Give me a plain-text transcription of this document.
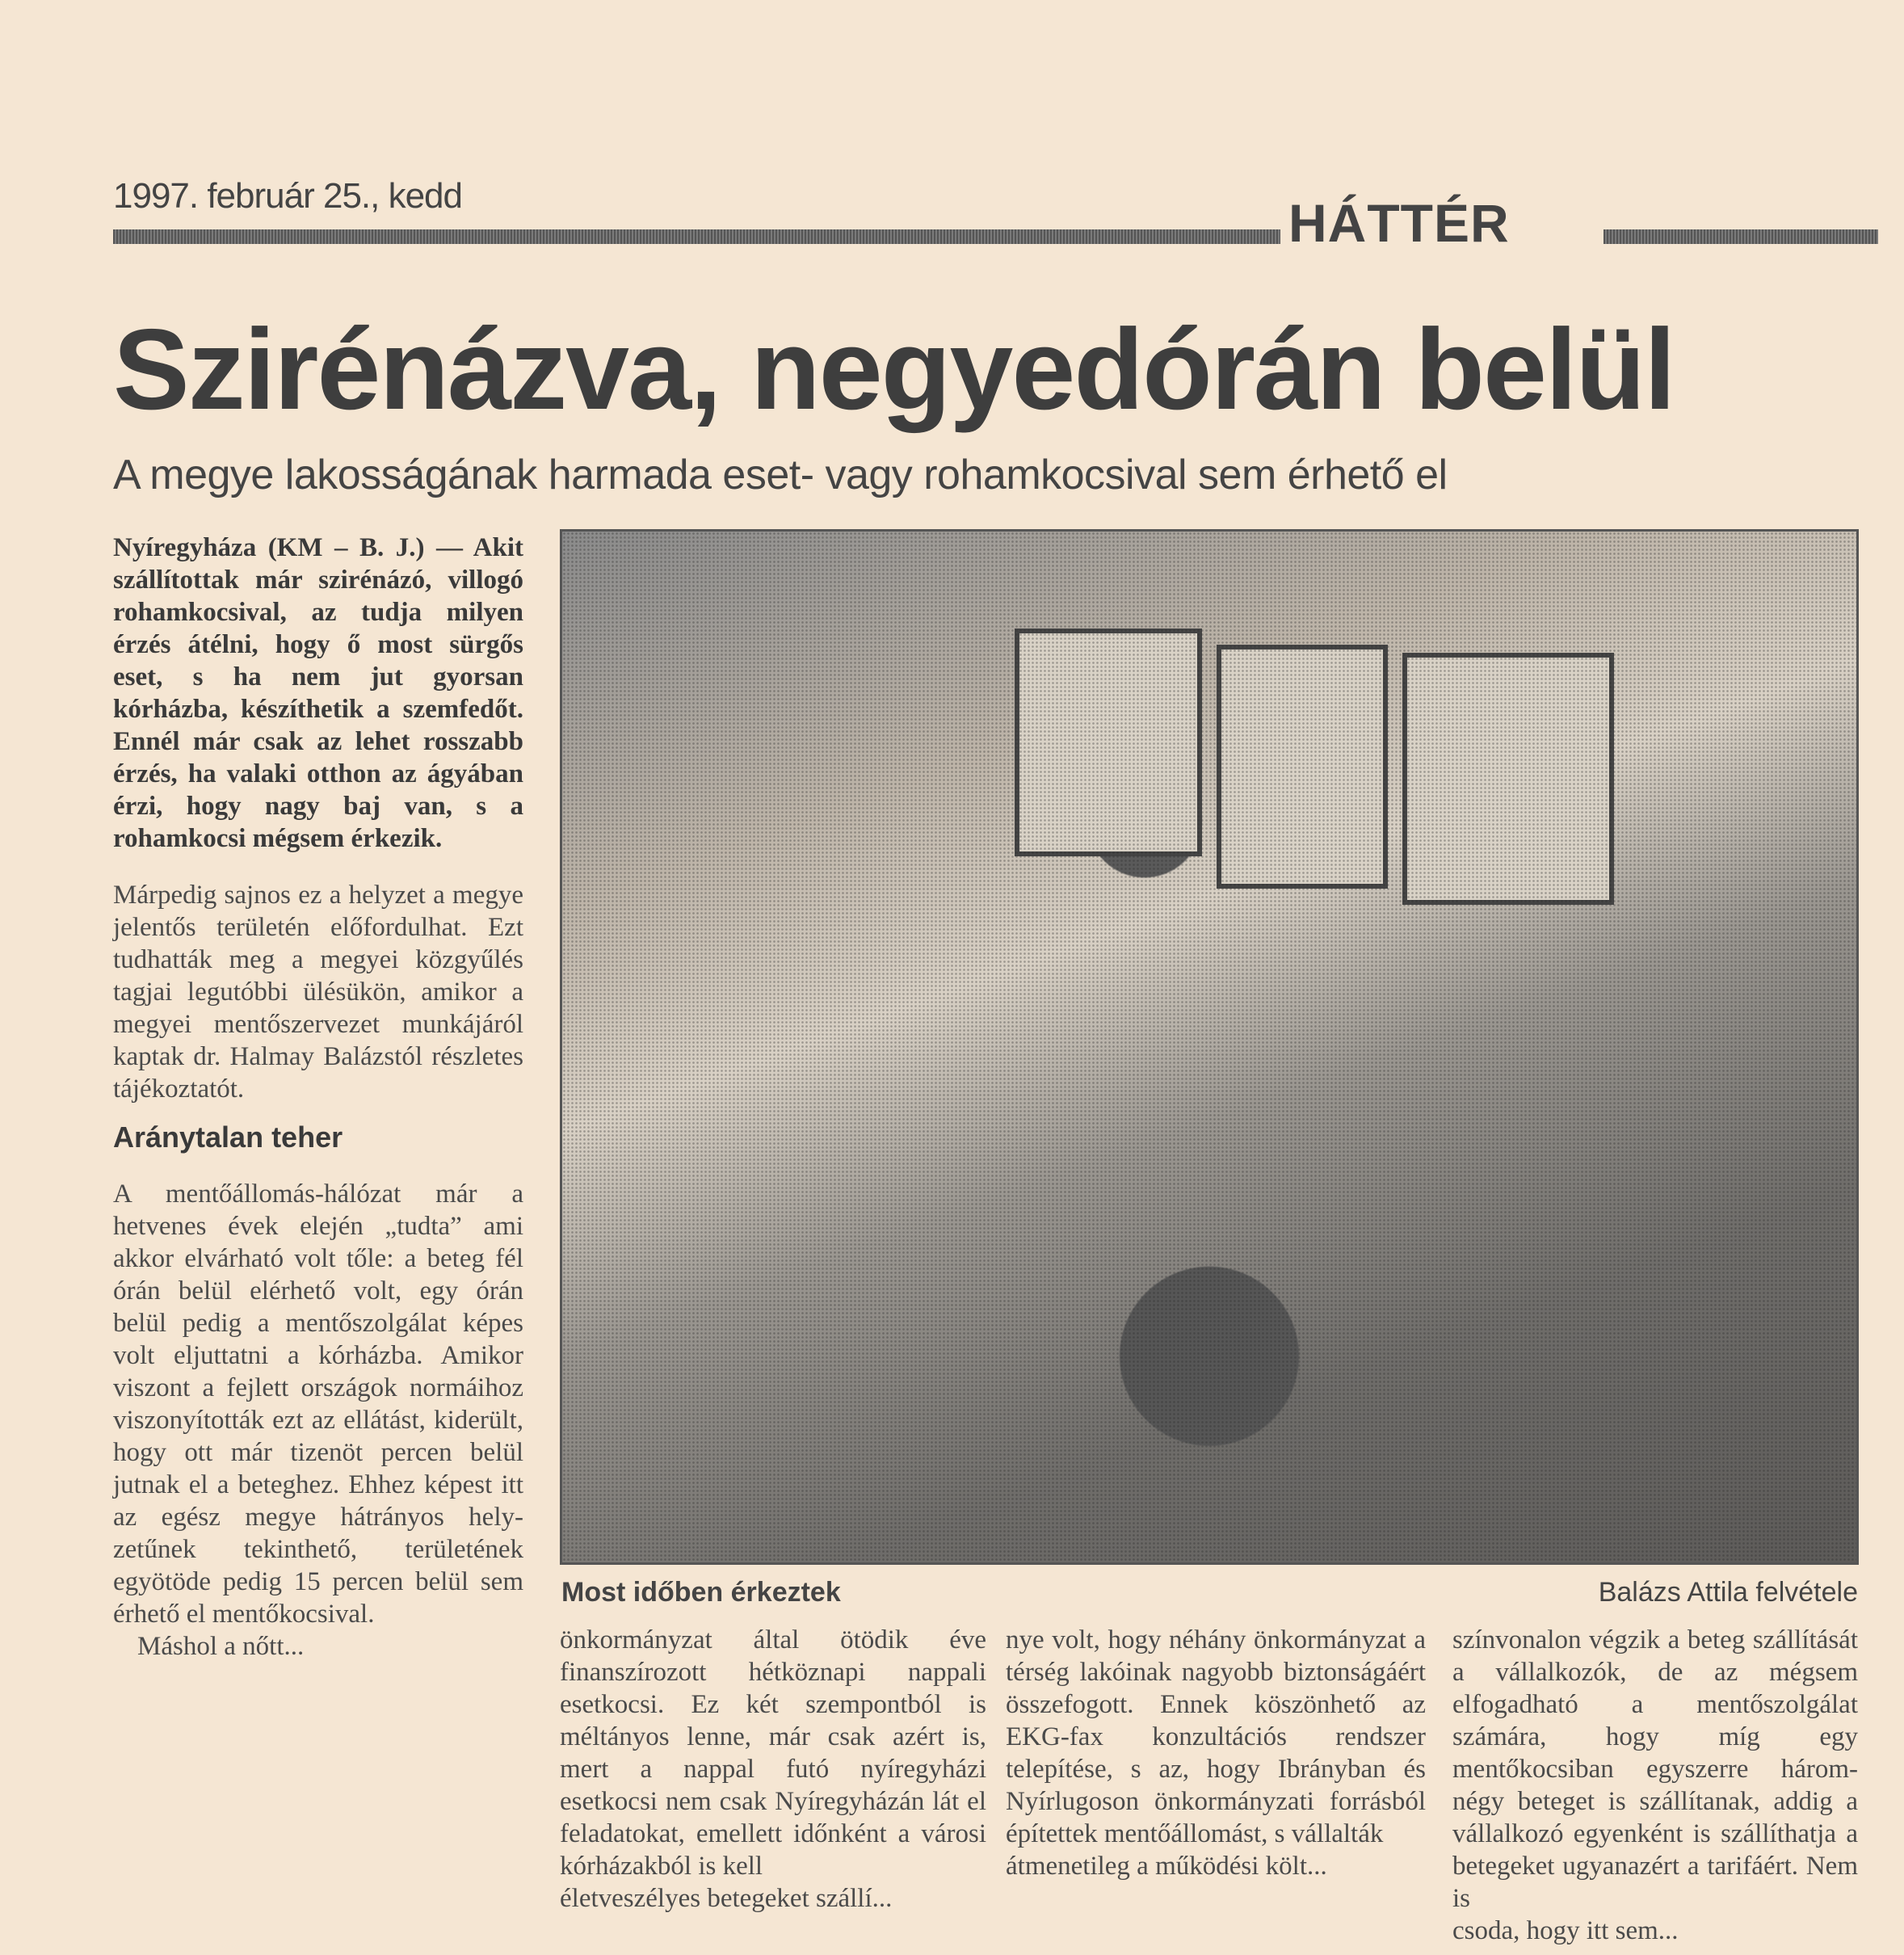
1997. február 25., kedd	HÁTTÉR
Szirénázva, negyedórán belül
A megye lakosságának harmada eset- vagy rohamkocsival sem érhető el

Nyíregyháza (KM – B. J.) — Akit szállítottak már szirénázó, villogó rohamkocsival, az tudja milyen érzés átélni, hogy ő most sürgős eset, s ha nem jut gyorsan kórházba, készíthetik a szemfedőt. Ennél már csak az lehet rosszabb érzés, ha valaki otthon az ágyában érzi, hogy nagy baj van, s a rohamkocsi mégsem érkezik.

Márpedig sajnos ez a helyzet a megye jelentős területén előfordulhat. Ezt tudhatták meg a megyei közgyűlés tagjai legutóbbi ülésükön, amikor a megyei mentőszervezet munkájáról kaptak dr. Halmay Balázstól részletes tájékoztatót.

Aránytalan teher

A mentőállomás-hálózat már a hetvenes évek elején „tudta” ami akkor elvárható volt tőle: a beteg fél órán belül elérhető volt, egy órán belül pedig a mentőszolgálat képes volt eljuttatni a kórházba. Amikor viszont a fejlett országok normáihoz viszonyították ezt az ellátást, kiderült, hogy ott már tizenöt percen belül jutnak el a beteghez. Ehhez képest itt az egész megye hátrányos helyzetűnek tekinthető, területének egyötöde pedig 15 percen belül sem érhető el mentőkocsival.

Máshol a nőtt...

Most időben érkeztek	Balázs Attila felvétele

önkormányzat által ötödik éve finanszírozott hétköznapi nappali esetkocsi. Ez két szempontból is méltányos lenne, már csak azért is, mert a nappal futó nyíregyházi esetkocsi nem csak Nyíregyházán lát el feladatokat, emellett időnként a városi kórházakból is kell

életveszélyes betegeket szállí...

nye volt, hogy néhány önkormányzat a térség lakóinak nagyobb biztonságáért összefogott. Ennek köszönhető az EKG-fax konzultációs rendszer telepítése, s az, hogy Ibrányban és Nyírlugoson önkormányzati forrásból építettek mentőállomást, s vállalták

átmenetileg a működési költ...

színvonalon végzik a beteg szállítását a vállalkozók, de az mégsem elfogadható a mentőszolgálat számára, hogy míg egy mentőkocsiban egyszerre három-négy beteget is szállítanak, addig a vállalkozó egyenként is szállíthatja a betegeket ugyanazért a tarifáért. Nem is

csoda, hogy itt sem...
